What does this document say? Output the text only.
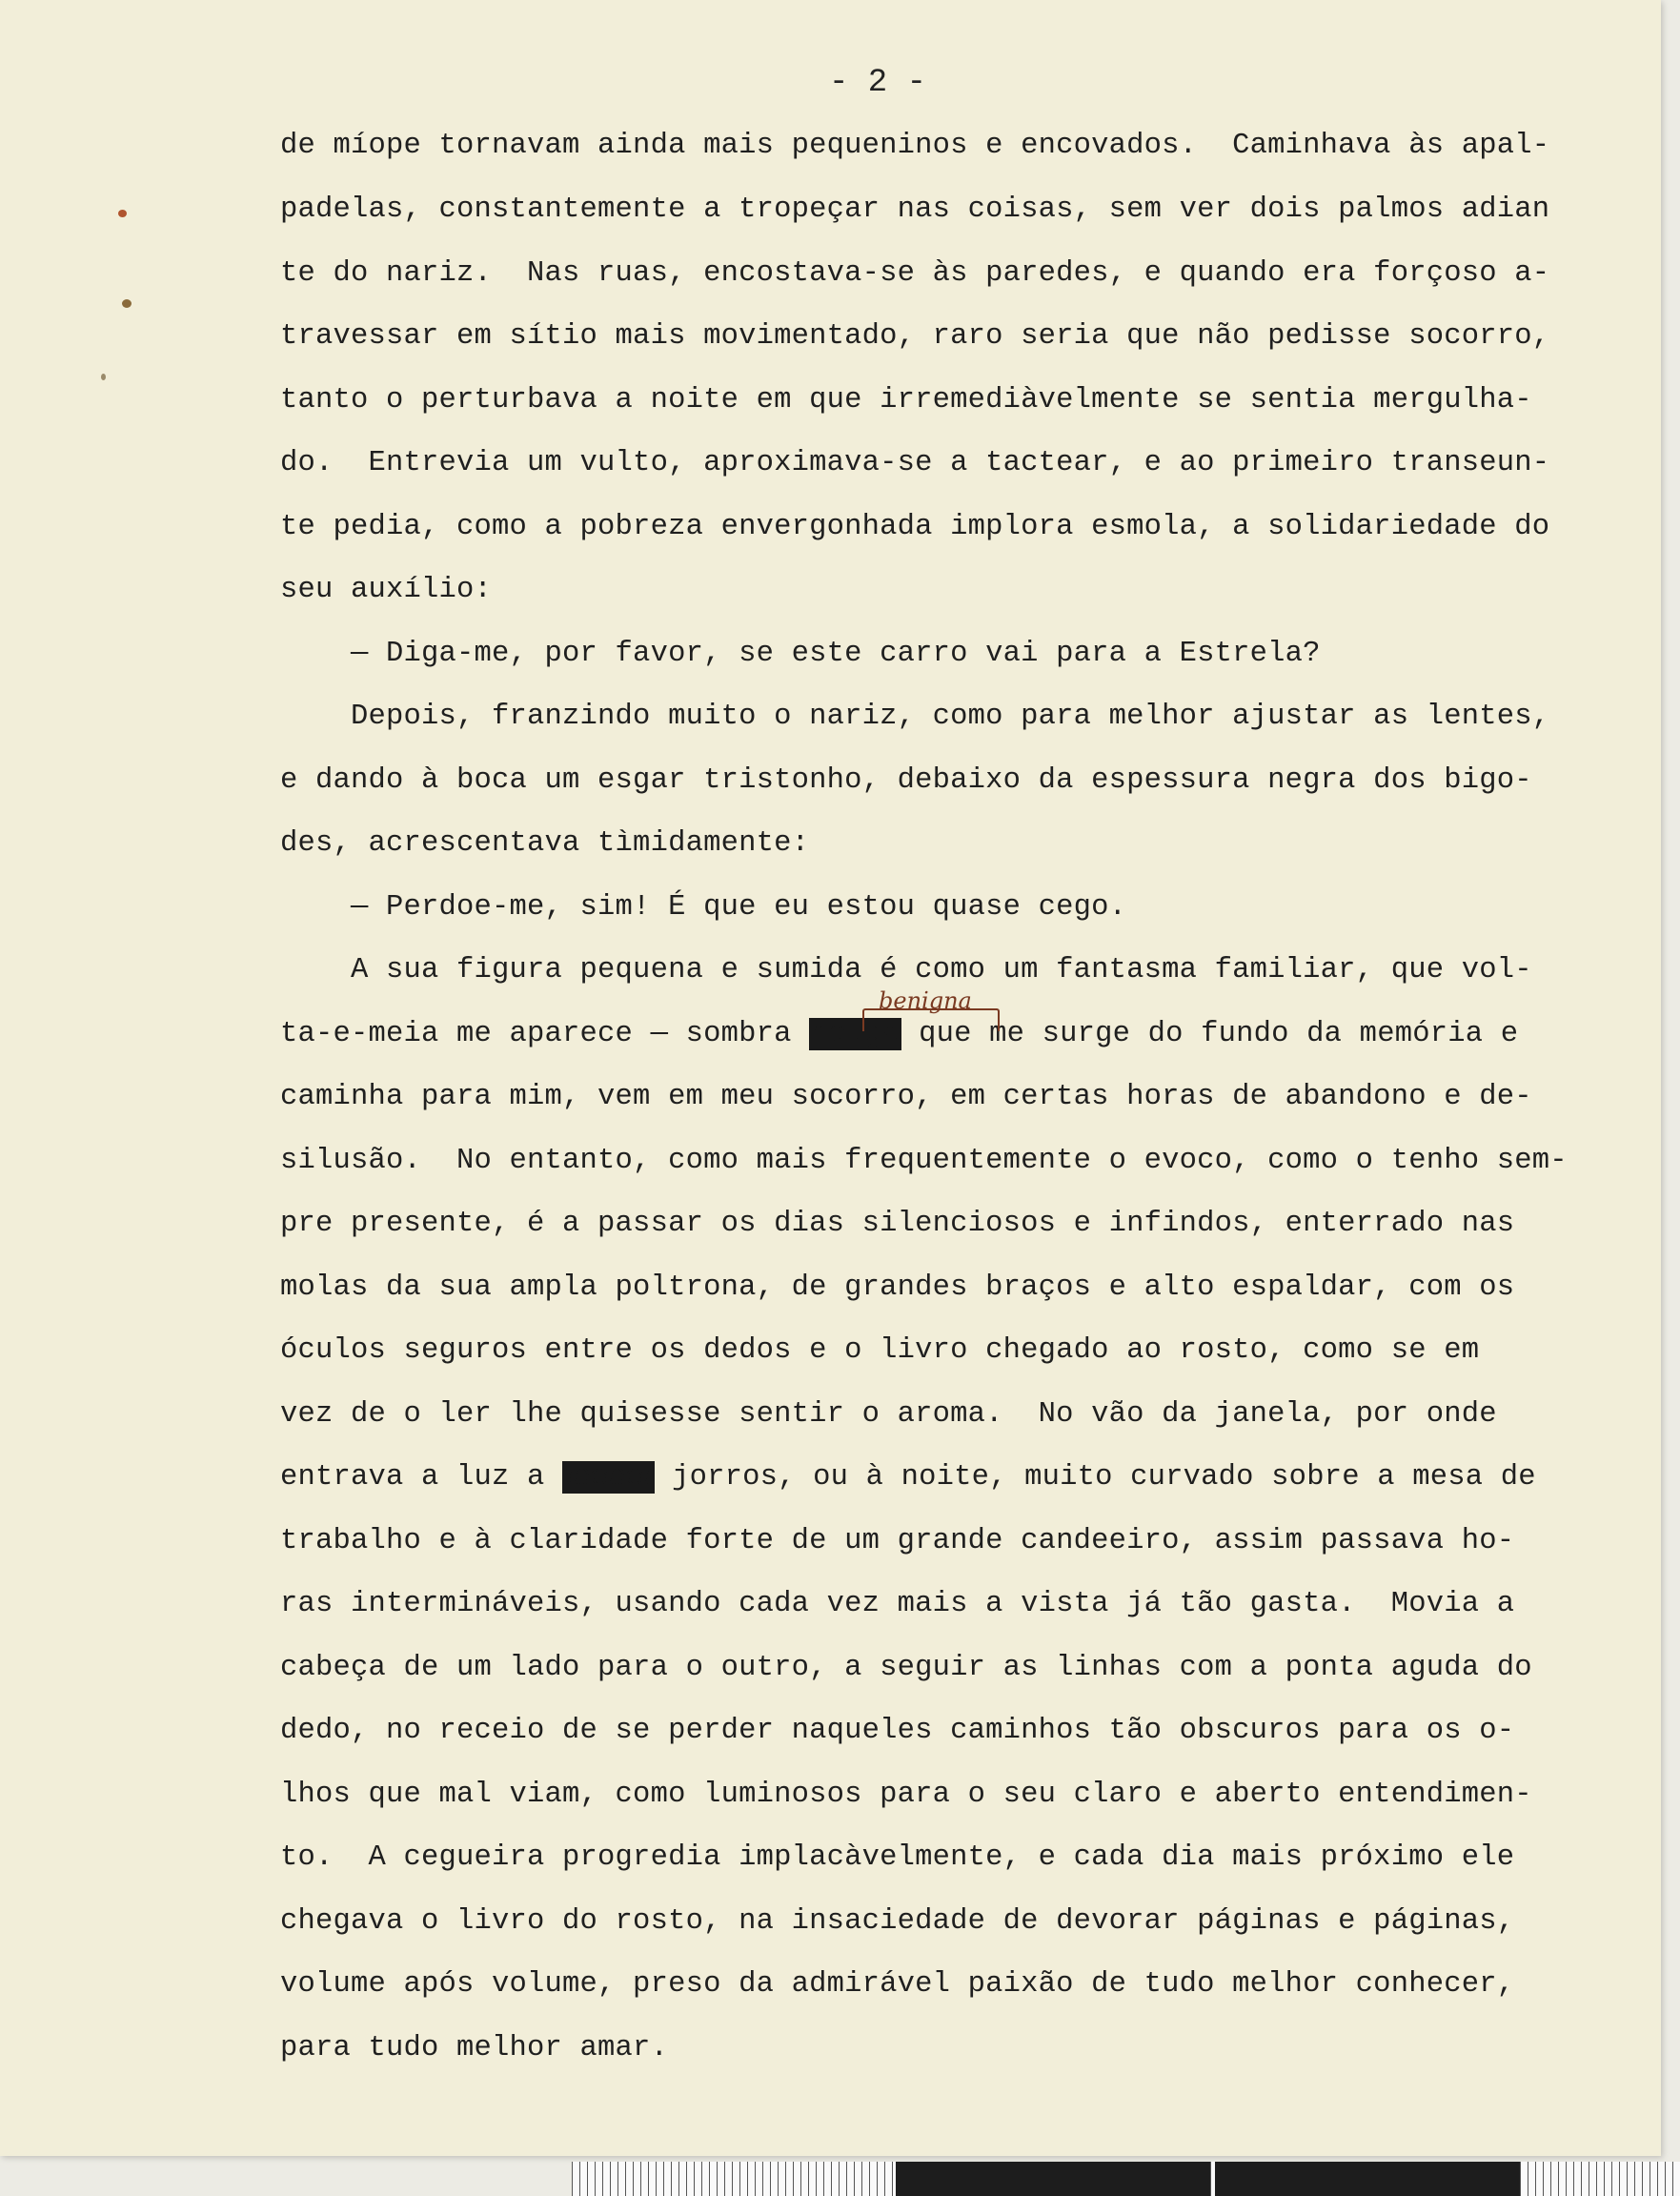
- 2 -
de míope tornavam ainda mais pequeninos e encovados.  Caminhava às apal-
padelas, constantemente a tropeçar nas coisas, sem ver dois palmos adian
te do nariz.  Nas ruas, encostava-se às paredes, e quando era forçoso a-
travessar em sítio mais movimentado, raro seria que não pedisse socorro,
tanto o perturbava a noite em que irremediàvelmente se sentia mergulha-
do.  Entrevia um vulto, aproximava-se a tactear, e ao primeiro transeun-
te pedia, como a pobreza envergonhada implora esmola, a solidariedade do
seu auxílio:
— Diga-me, por favor, se este carro vai para a Estrela?
Depois, franzindo muito o nariz, como para melhor ajustar as lentes,
e dando à boca um esgar tristonho, debaixo da espessura negra dos bigo-
des, acrescentava tìmidamente:
— Perdoe-me, sim! É que eu estou quase cego.
A sua figura pequena e sumida é como um fantasma familiar, que vol-
ta-e-meia me aparece — sombra meiga que me surge do fundo da memória e
benigna
caminha para mim, vem em meu socorro, em certas horas de abandono e de-
silusão.  No entanto, como mais frequentemente o evoco, como o tenho sem-
pre presente, é a passar os dias silenciosos e infindos, enterrado nas
molas da sua ampla poltrona, de grandes braços e alto espaldar, com os
óculos seguros entre os dedos e o livro chegado ao rosto, como se em
vez de o ler lhe quisesse sentir o aroma.  No vão da janela, por onde
entrava a luz a xxxxx jorros, ou à noite, muito curvado sobre a mesa de
trabalho e à claridade forte de um grande candeeiro, assim passava ho-
ras intermináveis, usando cada vez mais a vista já tão gasta.  Movia a
cabeça de um lado para o outro, a seguir as linhas com a ponta aguda do
dedo, no receio de se perder naqueles caminhos tão obscuros para os o-
lhos que mal viam, como luminosos para o seu claro e aberto entendimen-
to.  A cegueira progredia implacàvelmente, e cada dia mais próximo ele
chegava o livro do rosto, na insaciedade de devorar páginas e páginas,
volume após volume, preso da admirável paixão de tudo melhor conhecer,
para tudo melhor amar.
